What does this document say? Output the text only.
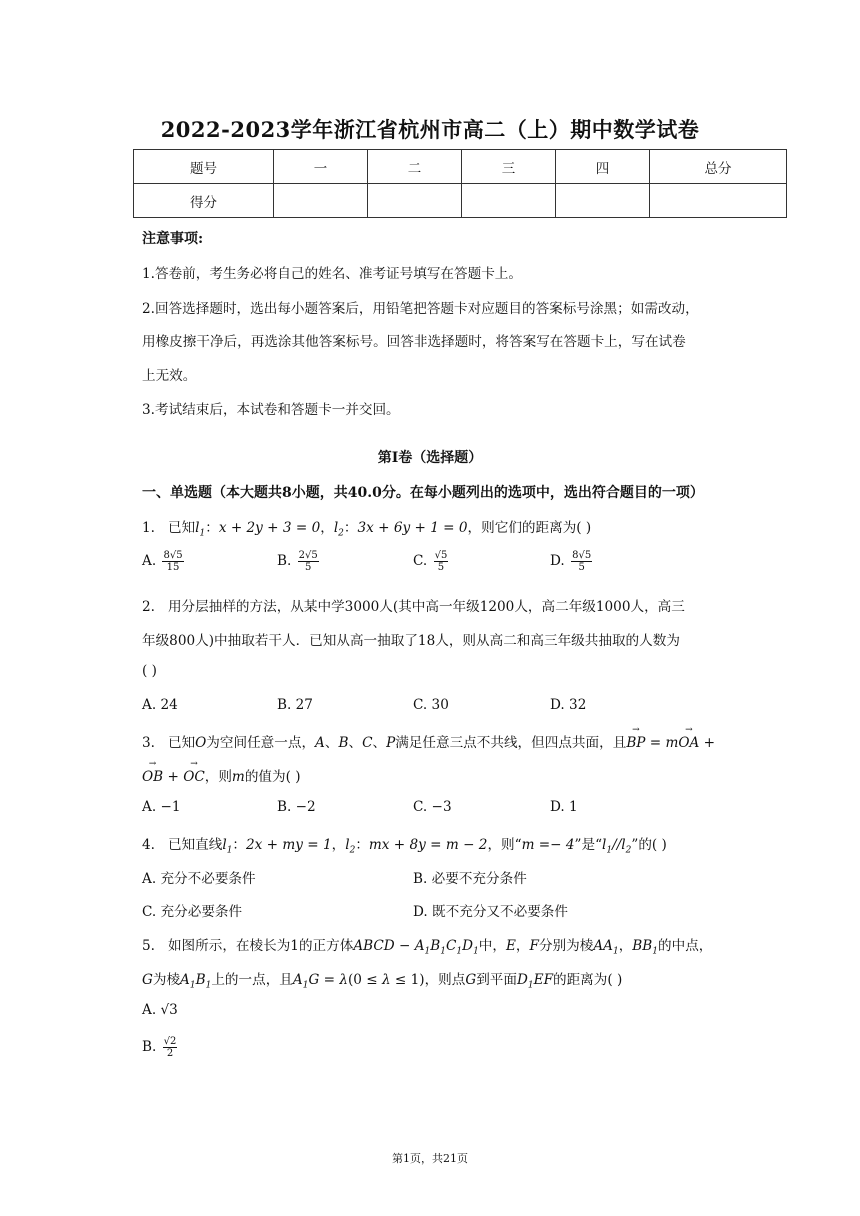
2022-2023学年浙江省杭州市高二（上）期中数学试卷
题号	一	二	三	四	总分
得分					
注意事项:
1.答卷前，考生务必将自己的姓名、准考证号填写在答题卡上。
2.回答选择题时，选出每小题答案后，用铅笔把答题卡对应题目的答案标号涂黑；如需改动，
用橡皮擦干净后，再选涂其他答案标号。回答非选择题时，将答案写在答题卡上，写在试卷
上无效。
3.考试结束后，本试卷和答题卡一并交回。
第I卷（选择题）
一、单选题（本大题共8小题，共40.0分。在每小题列出的选项中，选出符合题目的一项）
1. 已知$l_1$：x + 2y + 3 = 0，$l_2$：3x + 6y + 1 = 0，则它们的距离为( )
A. $\frac{8√5}{15}$	B. $\frac{2√5}{5}$	C. $\frac{√5}{5}$	D. $\frac{8√5}{5}$
2. 用分层抽样的方法，从某中学3000人(其中高一年级1200人，高二年级1000人，高三
年级800人)中抽取若干人．已知从高一抽取了18人，则从高二和高三年级共抽取的人数为
( )
A. 24	B. 27	C. 30	D. 32
3. 已知O为空间任意一点，A、B、C、P满足任意三点不共线，但四点共面，且→ BP = m→ OA +
→ OB + → OC，则m的值为( )
A. −1	B. −2	C. −3	D. 1
4. 已知直线$l_1$：2x + my = 1，$l_2$：mx + 8y = m − 2，则“m =− 4”是“$l_1//l_2$”的( )
A. 充分不必要条件	B. 必要不充分条件
C. 充分必要条件	D. 既不充分又不必要条件
5. 如图所示，在棱长为1的正方体ABCD − $A_1B_1C_1D_1$中，E，F分别为棱$AA_1$，$BB_1$的中点，
G为棱$A_1B_1$上的一点，且$A_1G = \lambda(0 \le \lambda \le 1)$，则点G到平面$D_1EF$的距离为( )
A. √3
B. $\frac{√2}{2}$
第1页，共21页
